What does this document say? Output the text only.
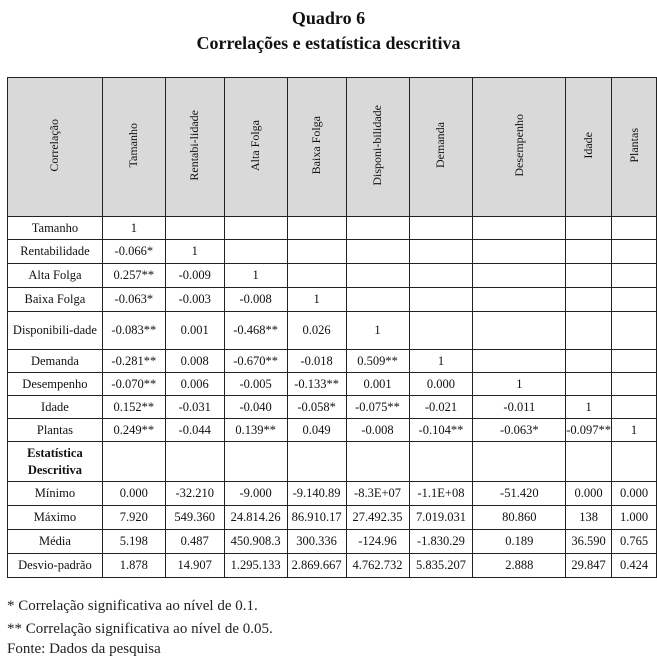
Quadro 6
Correlações e estatística descritiva
Correlação	Tamanho	Rentabi-lidade	Alta Folga	Baixa Folga	Disponi-bilidade	Demanda	Desempenho	Idade	Plantas
Tamanho	1								
Rentabilidade	-0.066*	1							
Alta Folga	0.257**	-0.009	1						
Baixa Folga	-0.063*	-0.003	-0.008	1					
Disponibili-dade	-0.083**	0.001	-0.468**	0.026	1				
Demanda	-0.281**	0.008	-0.670**	-0.018	0.509**	1			
Desempenho	-0.070**	0.006	-0.005	-0.133**	0.001	0.000	1		
Idade	0.152**	-0.031	-0.040	-0.058*	-0.075**	-0.021	-0.011	1	
Plantas	0.249**	-0.044	0.139**	0.049	-0.008	-0.104**	-0.063*	-0.097**	1
Estatística Descritiva									
Mínimo	0.000	-32.210	-9.000	-9.140.89	-8.3E+07	-1.1E+08	-51.420	0.000	0.000
Máximo	7.920	549.360	24.814.26	86.910.17	27.492.35	7.019.031	80.860	138	1.000
Média	5.198	0.487	450.908.3	300.336	-124.96	-1.830.29	0.189	36.590	0.765
Desvio-padrão	1.878	14.907	1.295.133	2.869.667	4.762.732	5.835.207	2.888	29.847	0.424
* Correlação significativa ao nível de 0.1.
** Correlação significativa ao nível de 0.05.
Fonte: Dados da pesquisa
